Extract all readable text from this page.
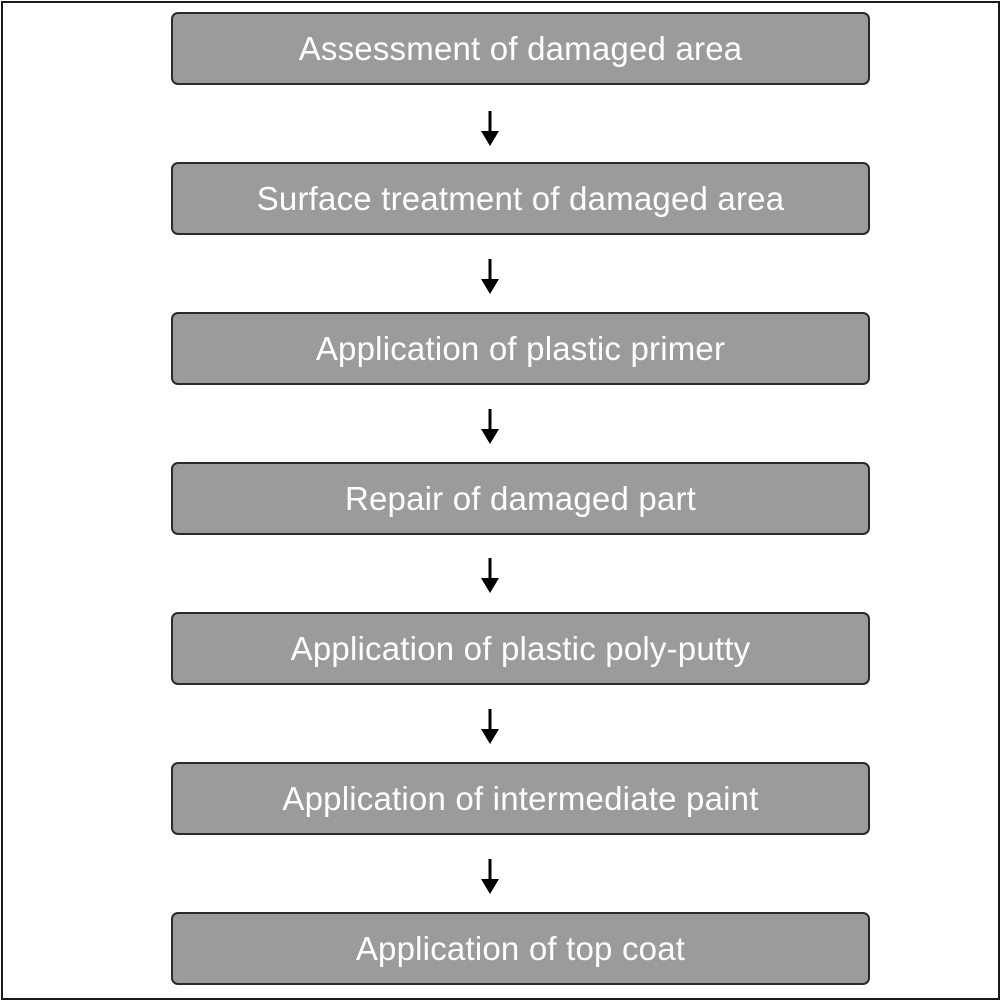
Assessment of damaged area
Surface treatment of damaged area
Application of plastic primer
Repair of damaged part
Application of plastic poly-putty
Application of intermediate paint
Application of top coat
